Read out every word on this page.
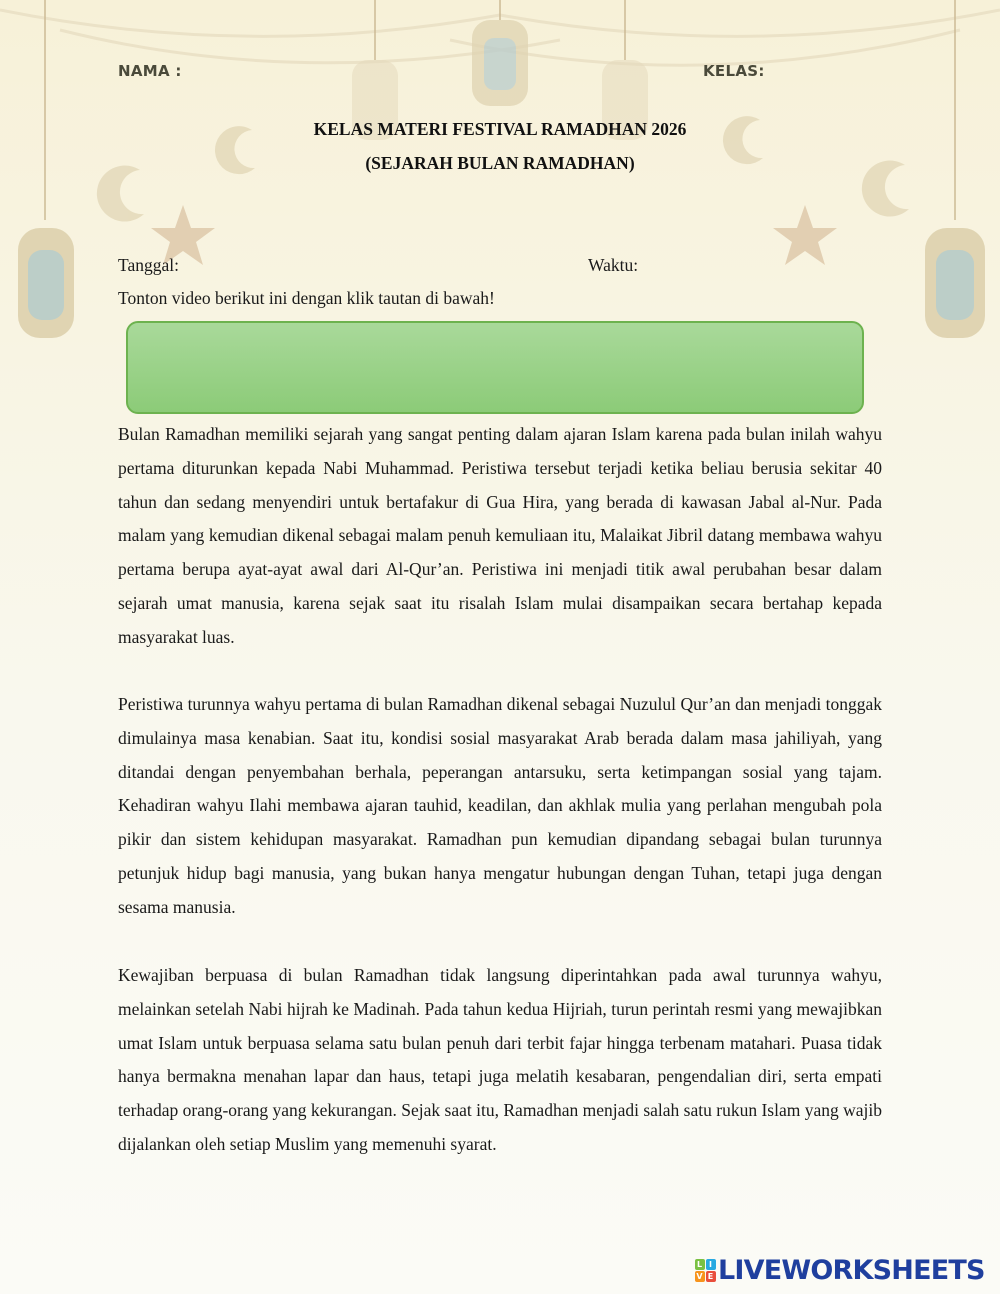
NAMA :	KELAS:
KELAS MATERI FESTIVAL RAMADHAN 2026
(SEJARAH BULAN RAMADHAN)
Tanggal:	Waktu:
Tonton video berikut ini dengan klik tautan di bawah!

Bulan Ramadhan memiliki sejarah yang sangat penting dalam ajaran Islam karena pada bulan inilah wahyu pertama diturunkan kepada Nabi Muhammad. Peristiwa tersebut terjadi ketika beliau berusia sekitar 40 tahun dan sedang menyendiri untuk bertafakur di Gua Hira, yang berada di kawasan Jabal al-Nur. Pada malam yang kemudian dikenal sebagai malam penuh kemuliaan itu, Malaikat Jibril datang membawa wahyu pertama berupa ayat-ayat awal dari Al-Qur’an. Peristiwa ini menjadi titik awal perubahan besar dalam sejarah umat manusia, karena sejak saat itu risalah Islam mulai disampaikan secara bertahap kepada masyarakat luas.

Peristiwa turunnya wahyu pertama di bulan Ramadhan dikenal sebagai Nuzulul Qur’an dan menjadi tonggak dimulainya masa kenabian. Saat itu, kondisi sosial masyarakat Arab berada dalam masa jahiliyah, yang ditandai dengan penyembahan berhala, peperangan antarsuku, serta ketimpangan sosial yang tajam. Kehadiran wahyu Ilahi membawa ajaran tauhid, keadilan, dan akhlak mulia yang perlahan mengubah pola pikir dan sistem kehidupan masyarakat. Ramadhan pun kemudian dipandang sebagai bulan turunnya petunjuk hidup bagi manusia, yang bukan hanya mengatur hubungan dengan Tuhan, tetapi juga dengan sesama manusia.

Kewajiban berpuasa di bulan Ramadhan tidak langsung diperintahkan pada awal turunnya wahyu, melainkan setelah Nabi hijrah ke Madinah. Pada tahun kedua Hijriah, turun perintah resmi yang mewajibkan umat Islam untuk berpuasa selama satu bulan penuh dari terbit fajar hingga terbenam matahari. Puasa tidak hanya bermakna menahan lapar dan haus, tetapi juga melatih kesabaran, pengendalian diri, serta empati terhadap orang-orang yang kekurangan. Sejak saat itu, Ramadhan menjadi salah satu rukun Islam yang wajib dijalankan oleh setiap Muslim yang memenuhi syarat.

L I
V E LIVEWORKSHEETS
